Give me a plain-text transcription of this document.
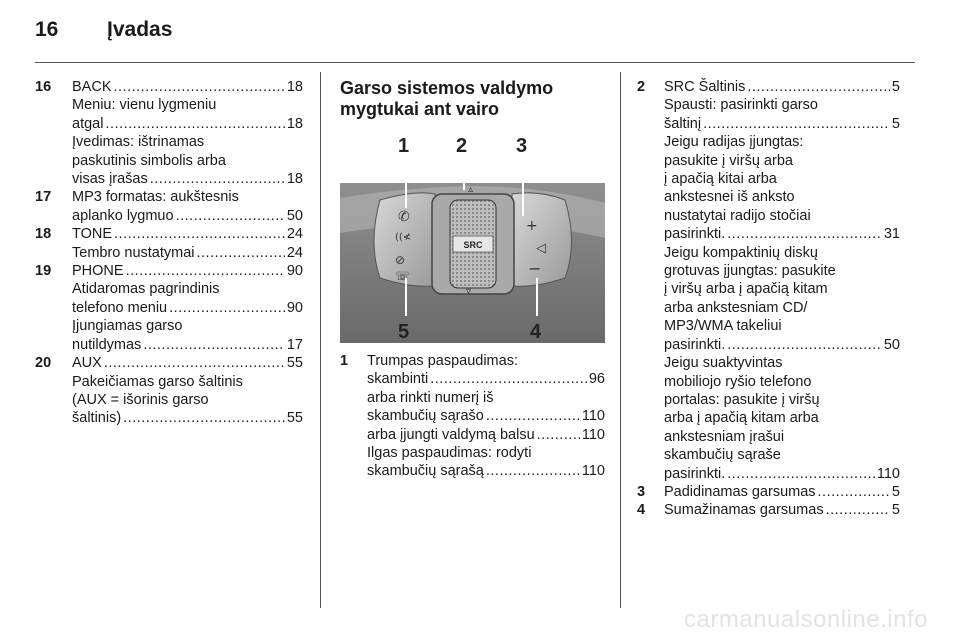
16 Įvadas
16 BACK .....	18
Meniu: vienu lygmeniu
atgal .....	18
Įvedimas: ištrinamas
paskutinis simbolis arba
visas įrašas .....	18
17 MP3 formatas: aukštesnis
aplanko lygmuo .....	50
18 TONE .....	24
Tembro nustatymai .....	24
19 PHONE .....	90
Atidaromas pagrindinis
telefono meniu .....	90
Įjungiamas garso
nutildymas .....	17
20 AUX .....	55
Pakeičiamas garso šaltinis
(AUX = išorinis garso
šaltinis) .....	55
Garso sistemos valdymo mygtukai ant vairo
SRC
▵
▿
✆
((≮
⊘
☏
+
◁
−
1 2 3
4
5
1 Trumpas paspaudimas:
skambinti .....	96
arba rinkti numerį iš
skambučių sąrašo .....	110
arba įjungti valdymą balsu .....	110
Ilgas paspaudimas: rodyti
skambučių sąrašą .....	110
2 SRC Šaltinis .....	5
Spausti: pasirinkti garso
šaltinį .....	5
Jeigu radijas įjungtas:
pasukite į viršų arba
į apačią kitai arba
ankstesnei iš anksto
nustatytai radijo stočiai
pasirinkti. .....	31
Jeigu kompaktinių diskų
grotuvas įjungtas: pasukite
į viršų arba į apačią kitam
arba ankstesniam CD/
MP3/WMA takeliui
pasirinkti. .....	50
Jeigu suaktyvintas
mobiliojo ryšio telefono
portalas: pasukite į viršų
arba į apačią kitam arba
ankstesniam įrašui
skambučių sąraše
pasirinkti. .....	110
3 Padidinamas garsumas .....	5
4 Sumažinamas garsumas .....	5
carmanualsonline.info
